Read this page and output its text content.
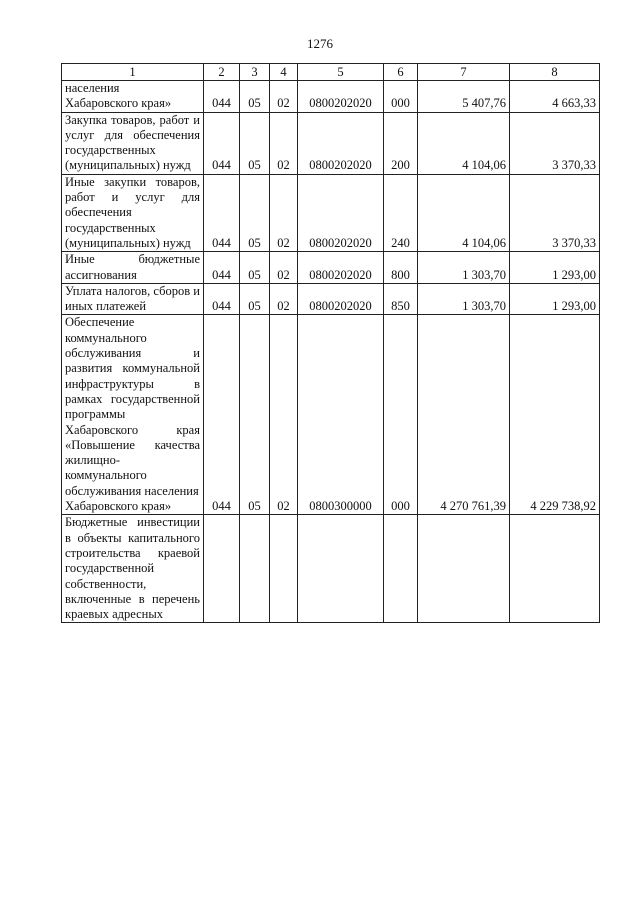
1276
1	2	3	4	5	6	7	8
населения
Хабаровского края»	044	05	02	0800202020	000	5 407,76	4 663,33
Закупка товаров, работ и услуг для обеспечения государственных (муниципальных) нужд	044	05	02	0800202020	200	4 104,06	3 370,33
Иные закупки товаров, работ и услуг для обеспечения государственных (муниципальных) нужд	044	05	02	0800202020	240	4 104,06	3 370,33
Иные бюджетные ассигнования	044	05	02	0800202020	800	1 303,70	1 293,00
Уплата налогов, сборов и иных платежей	044	05	02	0800202020	850	1 303,70	1 293,00
Обеспечение коммунального обслуживания и развития коммунальной инфраструктуры в рамках государственной программы Хабаровского края «Повышение качества жилищно-коммунального обслуживания населения
Хабаровского края»	044	05	02	0800300000	000	4 270 761,39	4 229 738,92
Бюджетные инвестиции в объекты капитального строительства краевой государственной собственности, включенные в перечень краевых адресных							
